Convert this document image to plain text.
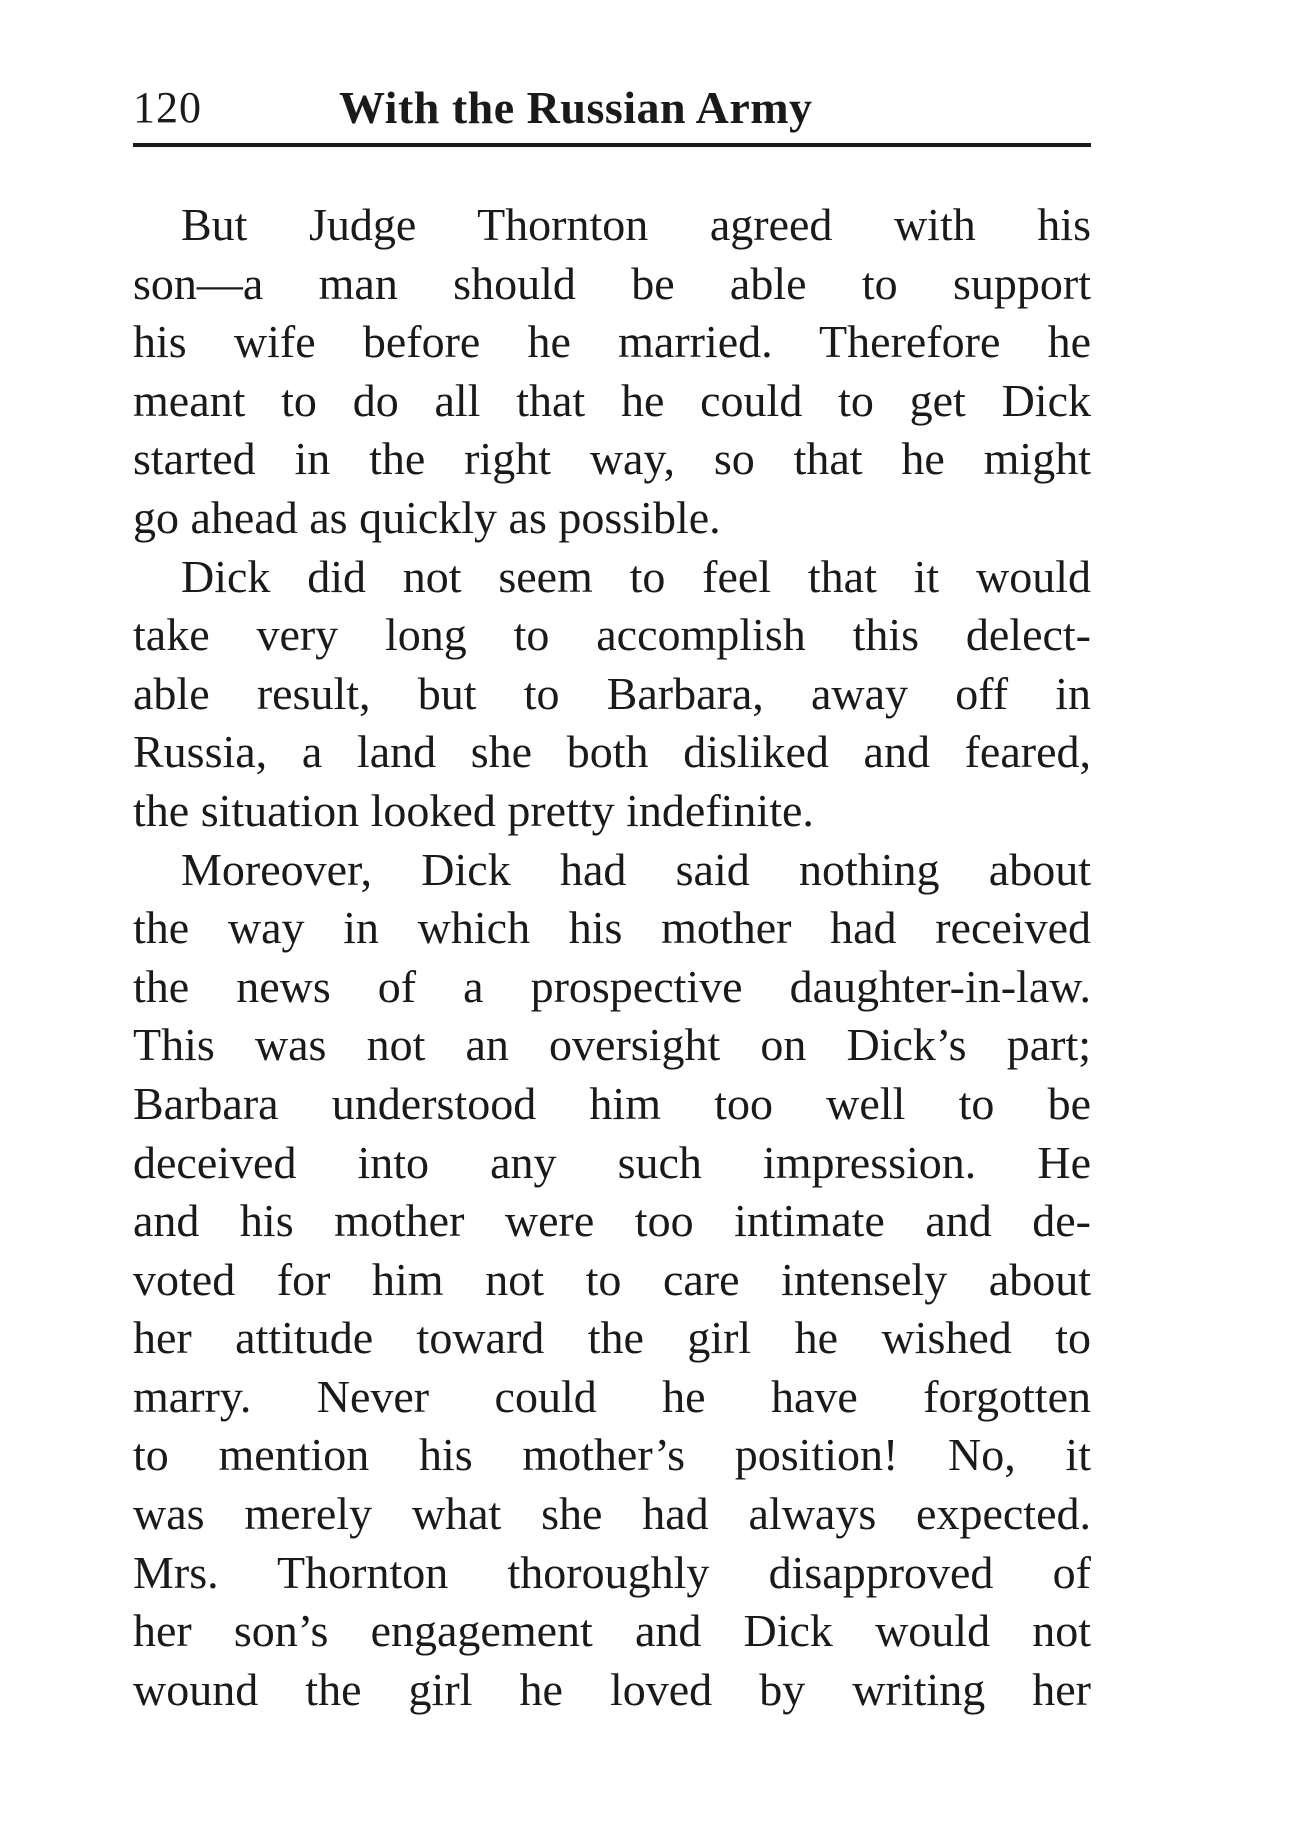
120	With the Russian Army
But Judge Thornton agreed with his
son—a man should be able to support
his wife before he married. Therefore he
meant to do all that he could to get Dick
started in the right way, so that he might
go ahead as quickly as possible.
Dick did not seem to feel that it would
take very long to accomplish this delect-
able result, but to Barbara, away off in
Russia, a land she both disliked and feared,
the situation looked pretty indefinite.
Moreover, Dick had said nothing about
the way in which his mother had received
the news of a prospective daughter-in-law.
This was not an oversight on Dick’s part;
Barbara understood him too well to be
deceived into any such impression. He
and his mother were too intimate and de-
voted for him not to care intensely about
her attitude toward the girl he wished to
marry. Never could he have forgotten
to mention his mother’s position! No, it
was merely what she had always expected.
Mrs. Thornton thoroughly disapproved of
her son’s engagement and Dick would not
wound the girl he loved by writing her
